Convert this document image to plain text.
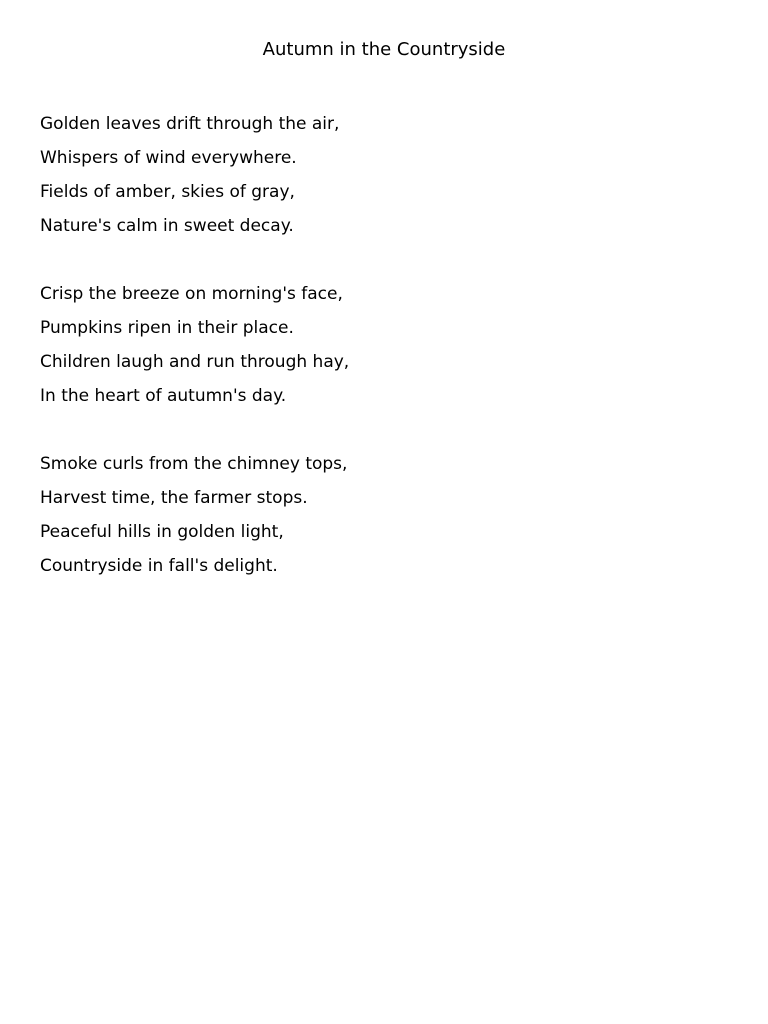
Autumn in the Countryside
Golden leaves drift through the air,
Whispers of wind everywhere.
Fields of amber, skies of gray,
Nature's calm in sweet decay.
Crisp the breeze on morning's face,
Pumpkins ripen in their place.
Children laugh and run through hay,
In the heart of autumn's day.
Smoke curls from the chimney tops,
Harvest time, the farmer stops.
Peaceful hills in golden light,
Countryside in fall's delight.
